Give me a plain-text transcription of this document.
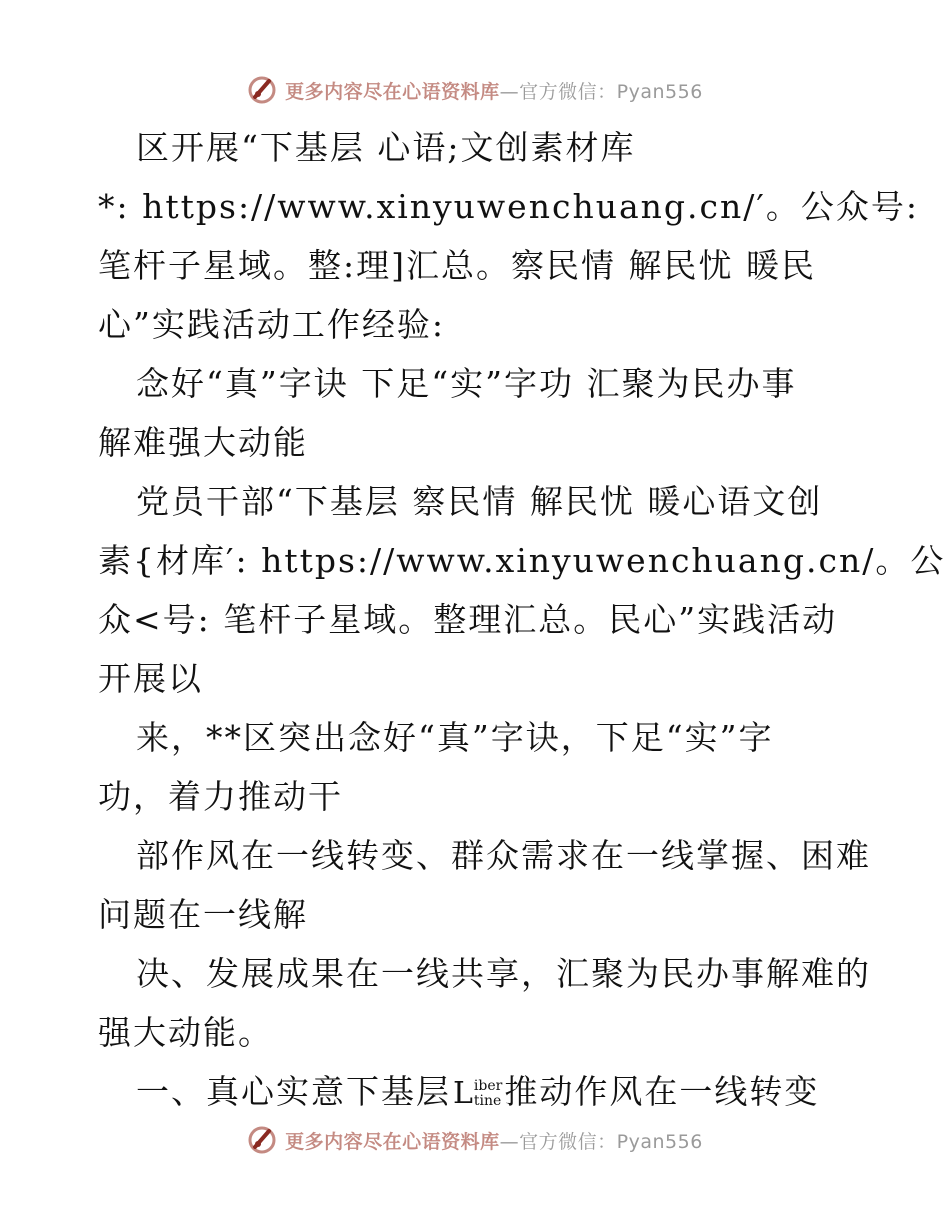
更多内容尽在心语资料库—官方微信：Pyan556
区开展“下基层 心语;文创素材库
*: https://www.xinyuwenchuang.cn/′。公众号:
笔杆子星域。整:理]汇总。察民情 解民忧 暖民
心”实践活动工作经验:
念好“真”字诀 下足“实”字功 汇聚为民办事
解难强大动能
党员干部“下基层 察民情 解民忧 暖心语文创
素{材库′: https://www.xinyuwenchuang.cn/。公
众<号: 笔杆子星域。整理汇总。民心”实践活动
开展以
来，**区突出念好“真”字诀，下足“实”字
功，着力推动干
部作风在一线转变、群众需求在一线掌握、困难
问题在一线解
决、发展成果在一线共享，汇聚为民办事解难的
强大动能。
一、真心实意下基层 L iber
tine 推动作风在一线转变
更多内容尽在心语资料库—官方微信：Pyan556
